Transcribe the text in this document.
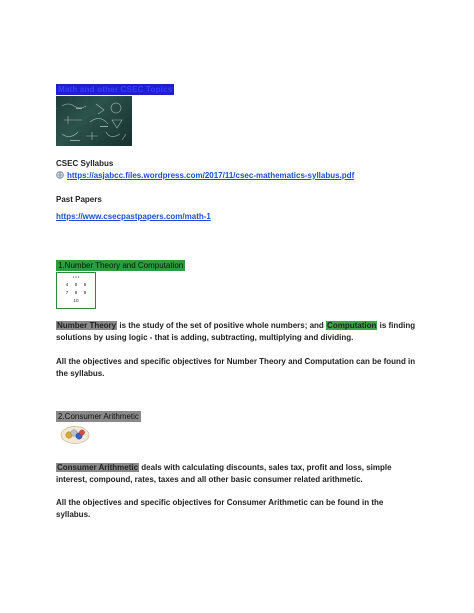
Math and other CSEC Topics
CSEC Syllabus
https://asjabcc.files.wordpress.com/2017/11/csec-mathematics-syllabus.pdf
Past Papers
https://www.csecpastpapers.com/math-1
1.Number Theory and Computation
1 2 3
4 5 6
7 8 9
10
Number Theory is the study of the set of positive whole numbers; and Computation is finding solutions by using logic - that is adding, subtracting, multiplying and dividing.
All the objectives and specific objectives for Number Theory and Computation can be found in the syllabus.
2.Consumer Arithmetic
Consumer Arithmetic deals with calculating discounts, sales tax, profit and loss, simple interest, compound, rates, taxes and all other basic consumer related arithmetic.
All the objectives and specific objectives for Consumer Arithmetic can be found in the syllabus.
